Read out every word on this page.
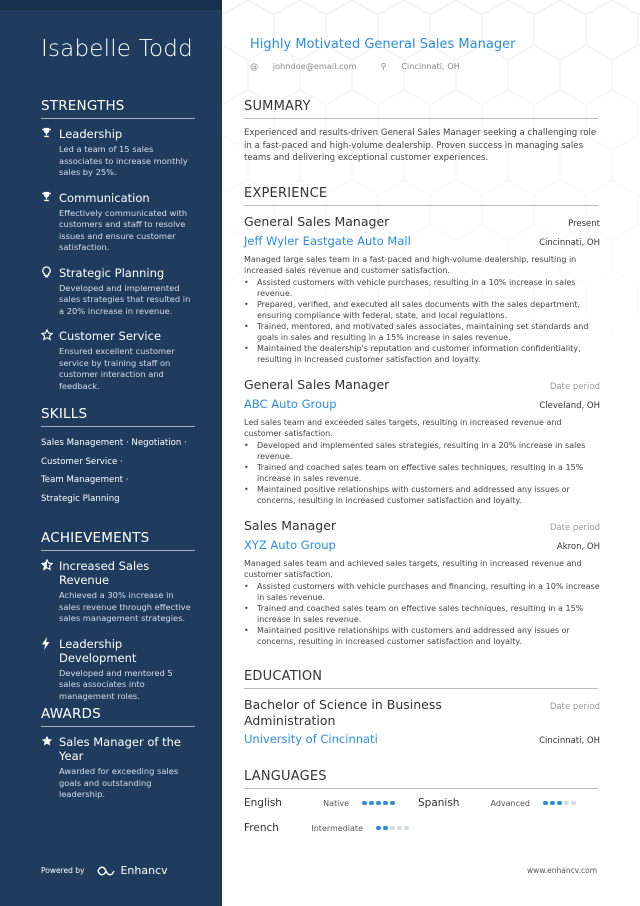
Isabelle Todd
STRENGTHS
Leadership
Led a team of 15 sales associates to increase monthly sales by 25%.
Communication
Effectively communicated with customers and staff to resolve issues and ensure customer satisfaction.
Strategic Planning
Developed and implemented sales strategies that resulted in a 20% increase in revenue.
Customer Service
Ensured excellent customer service by training staff on customer interaction and feedback.
SKILLS
Sales Management · Negotiation ·
Customer Service ·
Team Management ·
Strategic Planning
ACHIEVEMENTS
Increased Sales Revenue
Achieved a 30% increase in sales revenue through effective sales management strategies.
Leadership Development
Developed and mentored 5 sales associates into management roles.
AWARDS
Sales Manager of the Year
Awarded for exceeding sales goals and outstanding leadership.
Powered by	Enhancv
Highly Motivated General Sales Manager
@ johndoe@email.com	⚲ Cincinnati, OH
SUMMARY
Experienced and results-driven General Sales Manager seeking a challenging role in a fast-paced and high-volume dealership. Proven success in managing sales teams and delivering exceptional customer experiences.
EXPERIENCE
General Sales Manager	Present
Jeff Wyler Eastgate Auto Mall	Cincinnati, OH
Managed large sales team in a fast-paced and high-volume dealership, resulting in increased sales revenue and customer satisfaction.
• Assisted customers with vehicle purchases, resulting in a 10% increase in sales revenue.
• Prepared, verified, and executed all sales documents with the sales department, ensuring compliance with federal, state, and local regulations.
• Trained, mentored, and motivated sales associates, maintaining set standards and goals in sales and resulting in a 15% increase in sales revenue.
• Maintained the dealership's reputation and customer information confidentiality, resulting in increased customer satisfaction and loyalty.
General Sales Manager	Date period
ABC Auto Group	Cleveland, OH
Led sales team and exceeded sales targets, resulting in increased revenue and customer satisfaction.
• Developed and implemented sales strategies, resulting in a 20% increase in sales revenue.
• Trained and coached sales team on effective sales techniques, resulting in a 15% increase in sales revenue.
• Maintained positive relationships with customers and addressed any issues or concerns, resulting in increased customer satisfaction and loyalty.
Sales Manager	Date period
XYZ Auto Group	Akron, OH
Managed sales team and achieved sales targets, resulting in increased revenue and customer satisfaction.
• Assisted customers with vehicle purchases and financing, resulting in a 10% increase in sales revenue.
• Trained and coached sales team on effective sales techniques, resulting in a 15% increase in sales revenue.
• Maintained positive relationships with customers and addressed any issues or concerns, resulting in increased customer satisfaction and loyalty.
EDUCATION
Bachelor of Science in Business Administration
Date period
University of Cincinnati	Cincinnati, OH
LANGUAGES
English	Native	Spanish	Advanced
French	Intermediate
www.enhancv.com
